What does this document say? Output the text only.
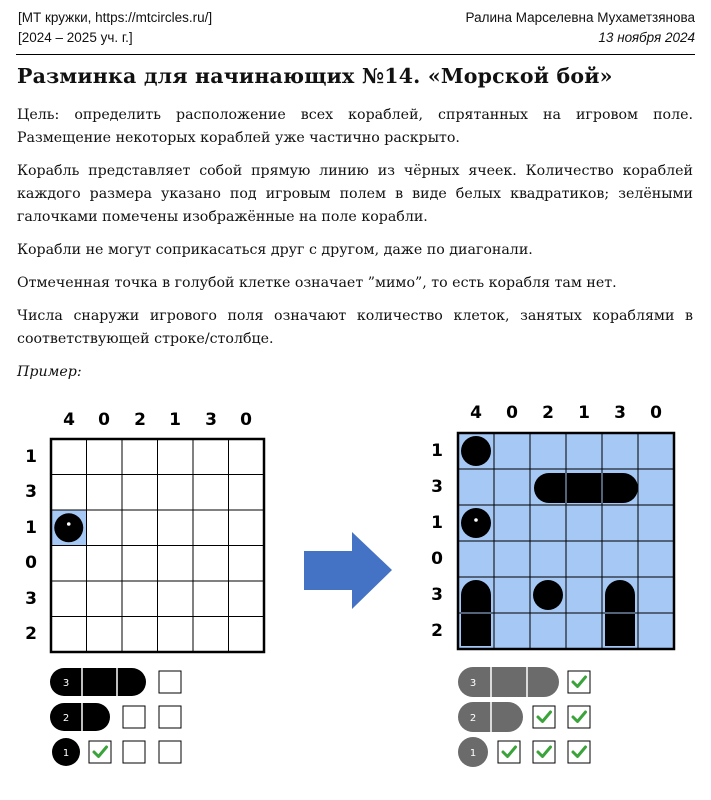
[МТ кружки, https://mtcircles.ru/]
[2024 – 2025 уч. г.]
Ралина Марселевна Мухаметзянова
13 ноября 2024
Разминка для начинающих №14. «Морской бой»

Цель: определить расположение всех кораблей, спрятанных на игровом поле. Размещение некоторых кораблей уже частично раскрыто.

Корабль представляет собой прямую линию из чёрных ячеек. Количество кораблей каждого размера указано под игровым полем в виде белых квадратиков; зелёными галочками помечены изображённые на поле корабли.

Корабли не могут соприкасаться друг с другом, даже по диагонали.

Отмеченная точка в голубой клетке означает ”мимо”, то есть корабля там нет.

Числа снаружи игрового поля означают количество клеток, занятых кораблями в соответствующей строке/столбце.

Пример:

4 0 2 1 3 0
1
3
1
0
3
2
3
2
1
4 0 2 1 3 0
1
3
1
0
3
2
3
2
1
